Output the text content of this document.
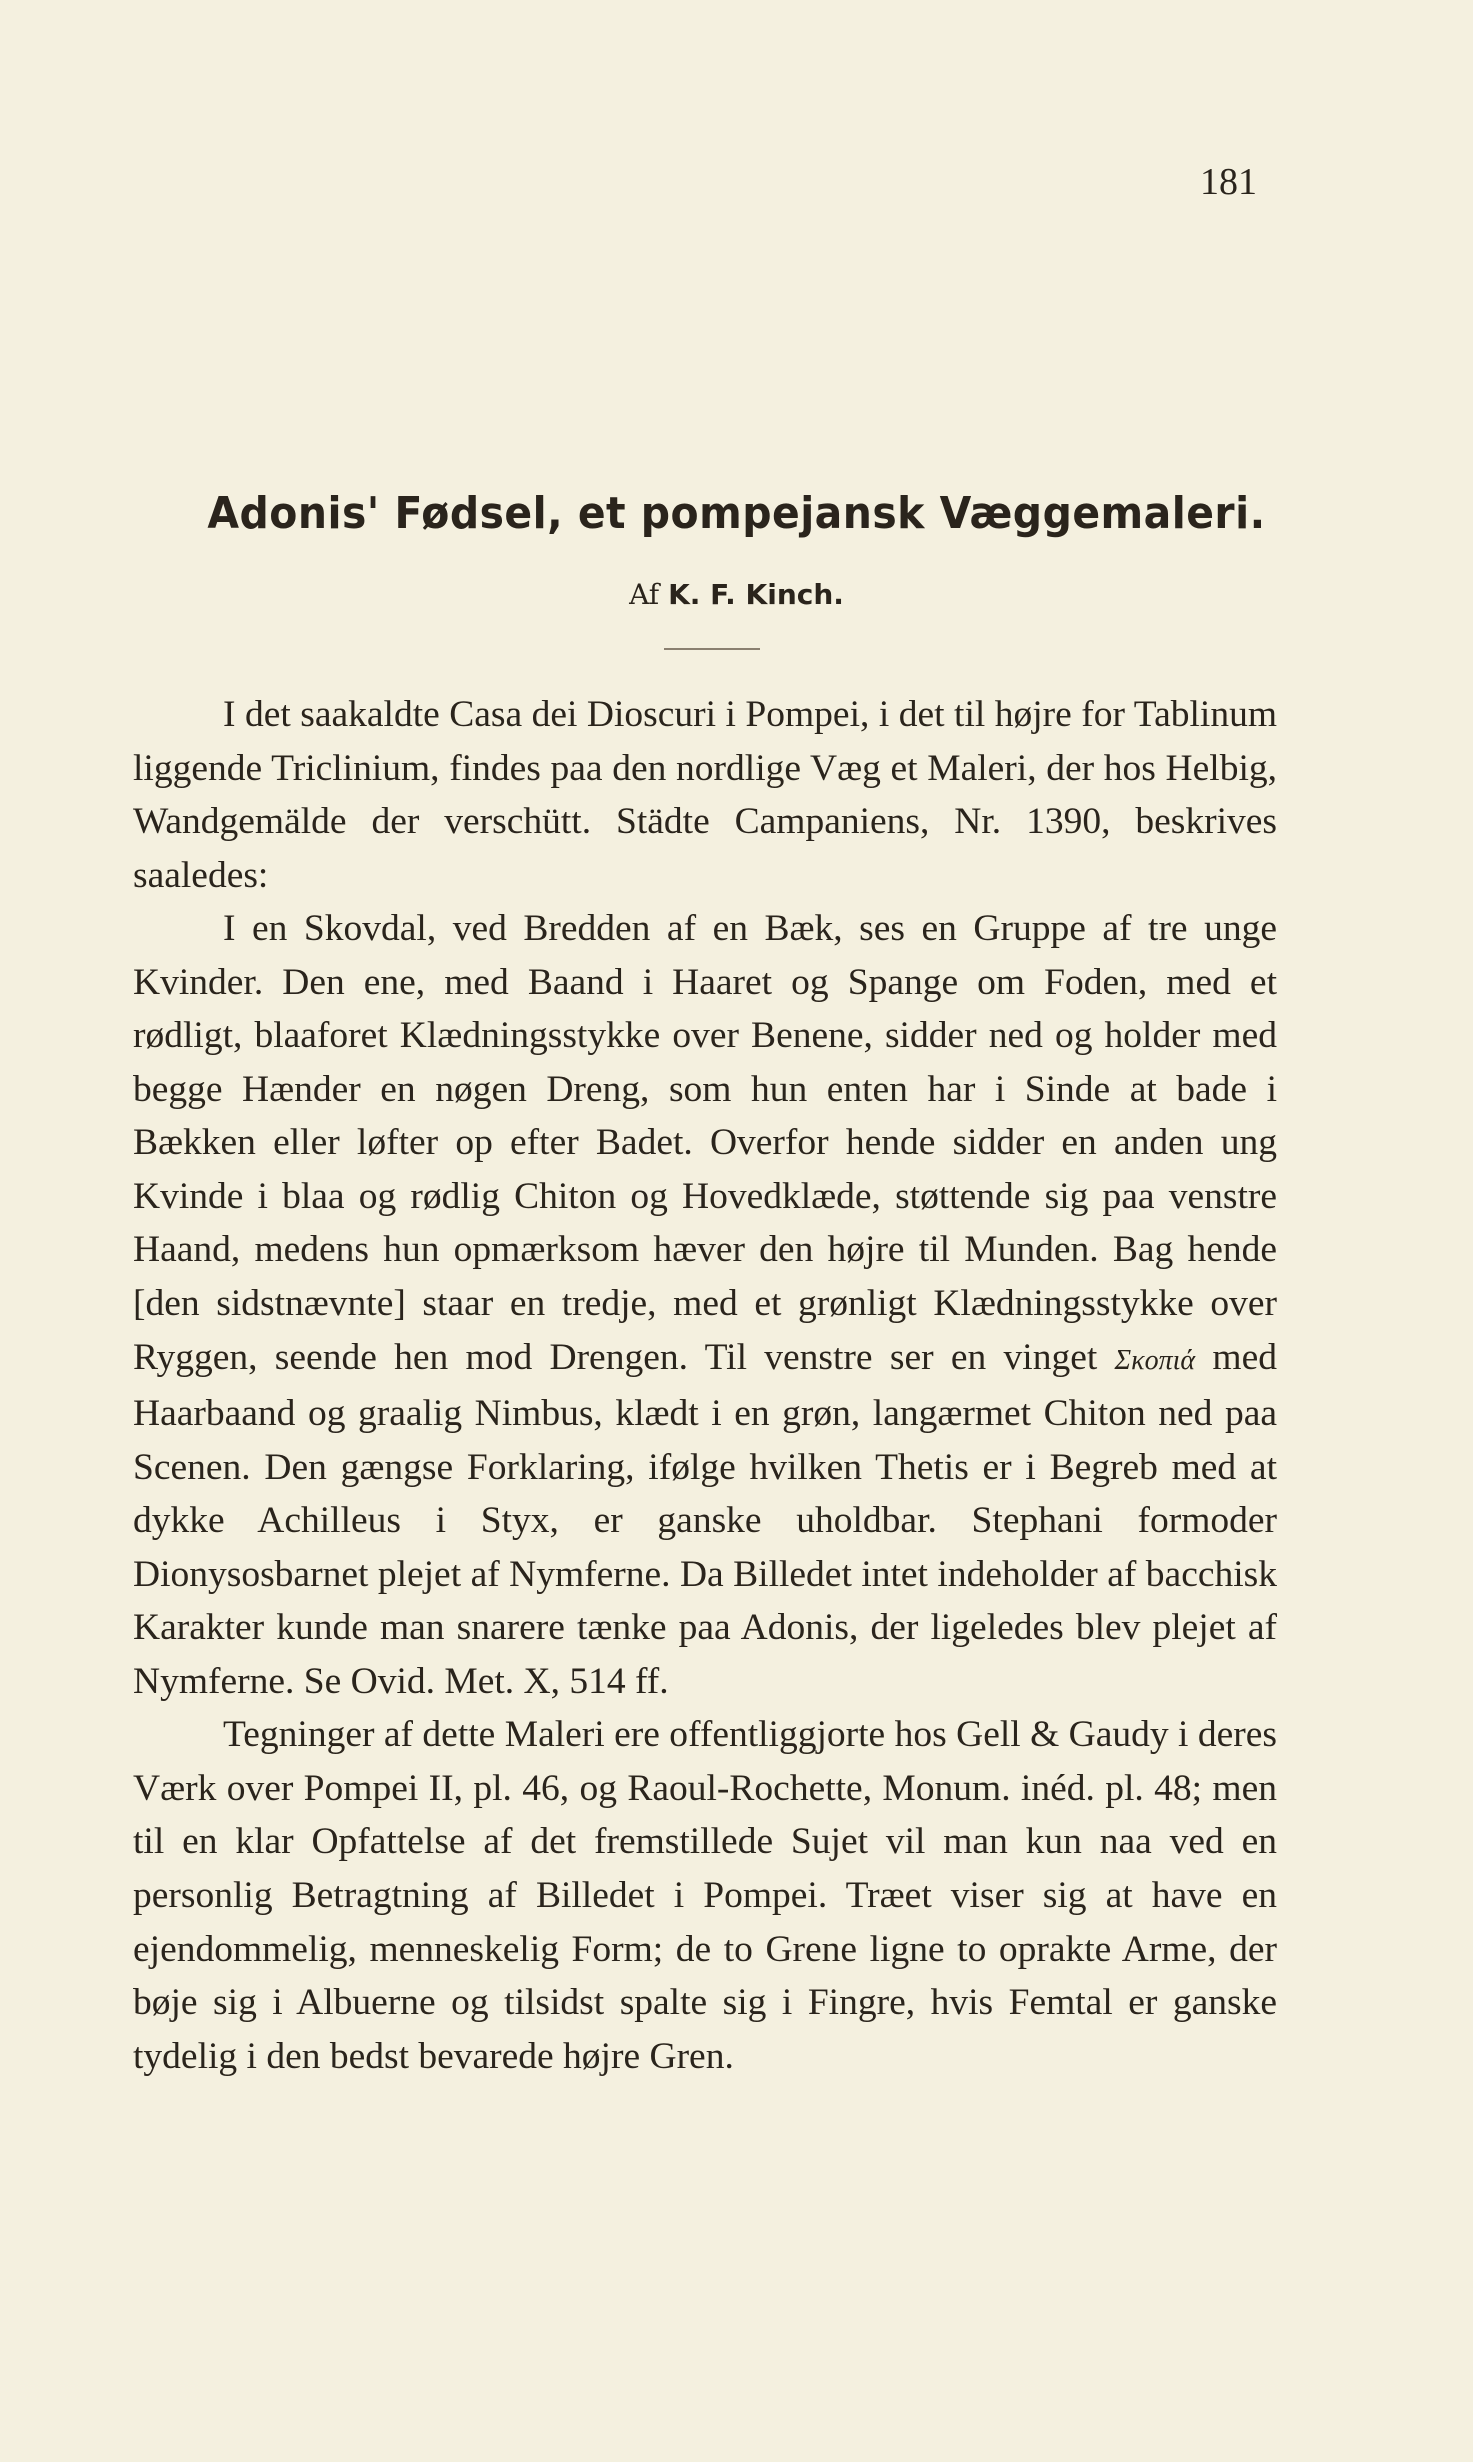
181
Adonis' Fødsel, et pompejansk Væggemaleri.
Af K. F. Kinch.

I det saakaldte Casa dei Dioscuri i Pompei, i det til højre for Tablinum liggende Triclinium, findes paa den nordlige Væg et Maleri, der hos Helbig, Wandgemälde der verschütt. Städte Campaniens, Nr. 1390, beskrives saaledes:

I en Skovdal, ved Bredden af en Bæk, ses en Gruppe af tre unge Kvinder. Den ene, med Baand i Haaret og Spange om Foden, med et rødligt, blaaforet Klædningsstykke over Benene, sidder ned og holder med begge Hænder en nøgen Dreng, som hun enten har i Sinde at bade i Bækken eller løfter op efter Badet. Overfor hende sidder en anden ung Kvinde i blaa og rødlig Chiton og Hovedklæde, støttende sig paa venstre Haand, medens hun opmærksom hæver den højre til Munden. Bag hende [den sidstnævnte] staar en tredje, med et grønligt Klædningsstykke over Ryggen, seende hen mod Drengen. Til venstre ser en vinget Σκοπιά med Haarbaand og graalig Nimbus, klædt i en grøn, langærmet Chiton ned paa Scenen. Den gængse Forklaring, ifølge hvilken Thetis er i Begreb med at dykke Achilleus i Styx, er ganske uholdbar. Stephani formoder Dionysosbarnet plejet af Nymferne. Da Billedet intet indeholder af bacchisk Karakter kunde man snarere tænke paa Adonis, der ligeledes blev plejet af Nymferne. Se Ovid. Met. X, 514 ff.

Tegninger af dette Maleri ere offentliggjorte hos Gell & Gaudy i deres Værk over Pompei II, pl. 46, og Raoul-Rochette, Monum. inéd. pl. 48; men til en klar Opfattelse af det fremstillede Sujet vil man kun naa ved en personlig Betragtning af Billedet i Pompei. Træet viser sig at have en ejendommelig, menneskelig Form; de to Grene ligne to oprakte Arme, der bøje sig i Albuerne og tilsidst spalte sig i Fingre, hvis Femtal er ganske tydelig i den bedst bevarede højre Gren.
